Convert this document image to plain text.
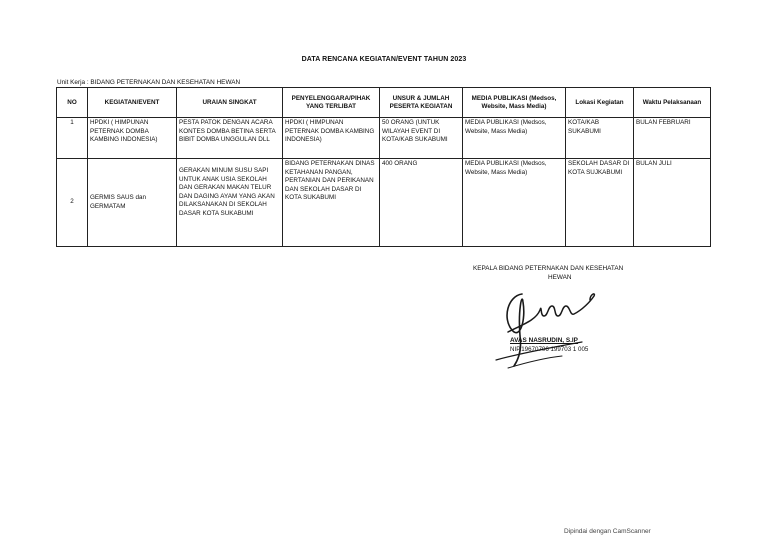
DATA RENCANA KEGIATAN/EVENT TAHUN 2023
Unit Kerja : BIDANG PETERNAKAN DAN KESEHATAN HEWAN
NO	KEGIATAN/EVENT	URAIAN SINGKAT	PENYELENGGARA/PIHAK YANG TERLIBAT	UNSUR & JUMLAH PESERTA KEGIATAN	MEDIA PUBLIKASI (Medsos, Website, Mass Media)	Lokasi Kegiatan	Waktu Pelaksanaan
1	HPDKI ( HIMPUNAN PETERNAK DOMBA KAMBING INDONESIA)	PESTA PATOK DENGAN ACARA KONTES DOMBA BETINA SERTA BIBIT DOMBA UNGGULAN DLL	HPDKI ( HIMPUNAN PETERNAK DOMBA KAMBING INDONESIA)	50 ORANG (UNTUK WILAYAH EVENT DI KOTA/KAB SUKABUMI	MEDIA PUBLIKASI (Medsos, Website, Mass Media)	KOTA/KAB SUKABUMI	BULAN FEBRUARI
2	GERMIS SAUS dan GERMATAM	GERAKAN MINUM SUSU SAPI UNTUK ANAK USIA SEKOLAH DAN GERAKAN MAKAN TELUR DAN DAGING AYAM YANG AKAN DILAKSANAKAN DI SEKOLAH DASAR KOTA SUKABUMI	BIDANG PETERNAKAN DINAS KETAHANAN PANGAN, PERTANIAN DAN PERIKANAN DAN SEKOLAH DASAR DI KOTA SUKABUMI	400 ORANG	MEDIA PUBLIKASI (Medsos, Website, Mass Media)	SEKOLAH DASAR DI KOTA SUJKABUMI	BULAN JULI
KEPALA BIDANG PETERNAKAN DAN KESEHATAN
HEWAN
AVAS NASRUDIN, S.IP
NIP.19670706 199703 1 005
Dipindai dengan CamScanner
